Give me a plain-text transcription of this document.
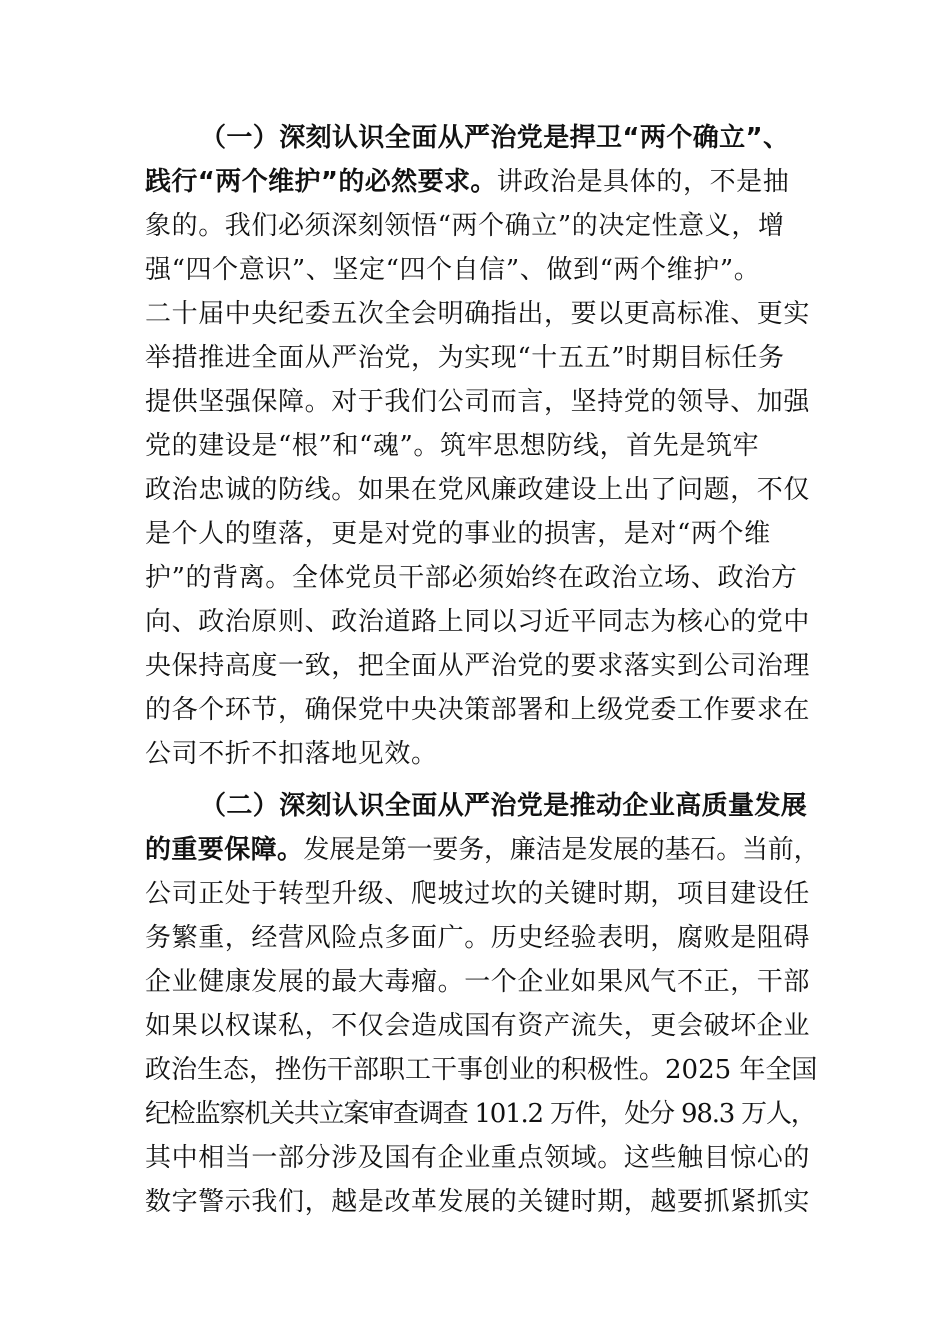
（一）深刻认识全面从严治党是捍卫“两个确立”、
践行“两个维护”的必然要求。讲政治是具体的，不是抽
象的。我们必须深刻领悟“两个确立”的决定性意义，增
强“四个意识”、坚定“四个自信”、做到“两个维护”。
二十届中央纪委五次全会明确指出，要以更高标准、更实
举措推进全面从严治党，为实现“十五五”时期目标任务
提供坚强保障。对于我们公司而言，坚持党的领导、加强
党的建设是“根”和“魂”。筑牢思想防线，首先是筑牢
政治忠诚的防线。如果在党风廉政建设上出了问题，不仅
是个人的堕落，更是对党的事业的损害，是对“两个维
护”的背离。全体党员干部必须始终在政治立场、政治方
向、政治原则、政治道路上同以习近平同志为核心的党中
央保持高度一致，把全面从严治党的要求落实到公司治理
的各个环节，确保党中央决策部署和上级党委工作要求在
公司不折不扣落地见效。
（二）深刻认识全面从严治党是推动企业高质量发展
的重要保障。发展是第一要务，廉洁是发展的基石。当前，
公司正处于转型升级、爬坡过坎的关键时期，项目建设任
务繁重，经营风险点多面广。历史经验表明，腐败是阻碍
企业健康发展的最大毒瘤。一个企业如果风气不正，干部
如果以权谋私，不仅会造成国有资产流失，更会破坏企业
政治生态，挫伤干部职工干事创业的积极性。2025 年全国
纪检监察机关共立案审查调查 101.2 万件，处分 98.3 万人，
其中相当一部分涉及国有企业重点领域。这些触目惊心的
数字警示我们，越是改革发展的关键时期，越要抓紧抓实
